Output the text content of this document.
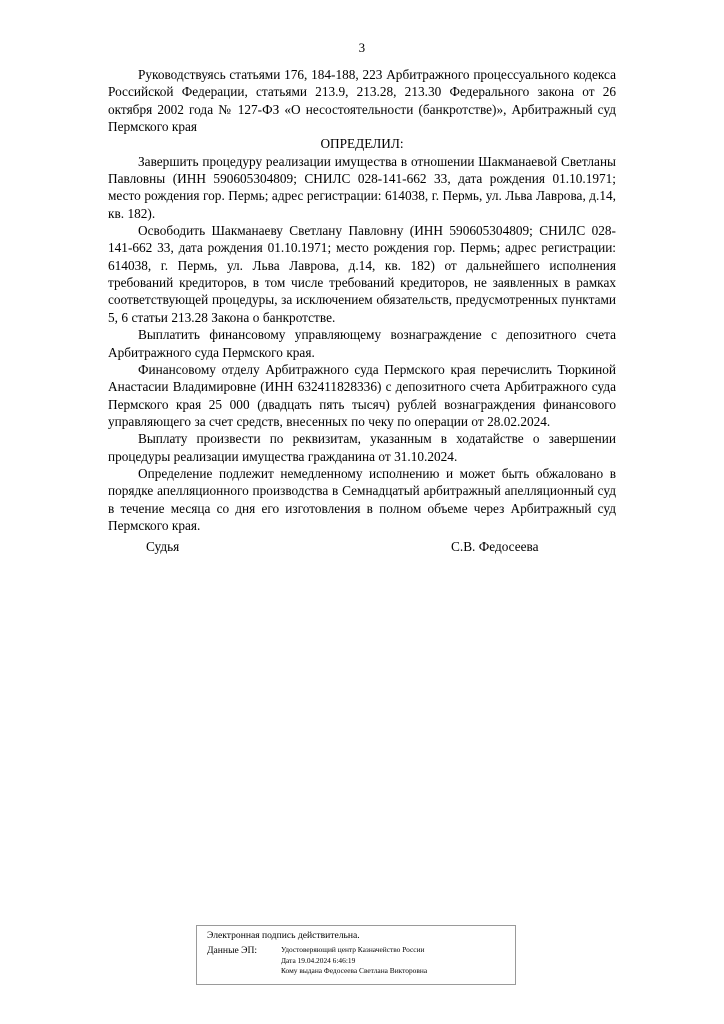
3

Руководствуясь статьями 176, 184-188, 223 Арбитражного процессуального кодекса Российской Федерации, статьями 213.9, 213.28, 213.30 Федерального закона от 26 октября 2002 года № 127-ФЗ «О несостоятельности (банкротстве)», Арбитражный суд Пермского края

ОПРЕДЕЛИЛ:

Завершить процедуру реализации имущества в отношении Шакманаевой Светланы Павловны (ИНН 590605304809; СНИЛС 028-141-662 33, дата рождения 01.10.1971; место рождения гор. Пермь; адрес регистрации: 614038, г. Пермь, ул. Льва Лаврова, д.14, кв. 182).

Освободить Шакманаеву Светлану Павловну (ИНН 590605304809; СНИЛС 028-141-662 33, дата рождения 01.10.1971; место рождения гор. Пермь; адрес регистрации: 614038, г. Пермь, ул. Льва Лаврова, д.14, кв. 182) от дальнейшего исполнения требований кредиторов, в том числе требований кредиторов, не заявленных в рамках соответствующей процедуры, за исключением обязательств, предусмотренных пунктами 5, 6 статьи 213.28 Закона о банкротстве.

Выплатить финансовому управляющему вознаграждение с депозитного счета Арбитражного суда Пермского края.

Финансовому отделу Арбитражного суда Пермского края перечислить Тюркиной Анастасии Владимировне (ИНН 632411828336) с депозитного счета Арбитражного суда Пермского края 25 000 (двадцать пять тысяч) рублей вознаграждения финансового управляющего за счет средств, внесенных по чеку по операции от 28.02.2024.

Выплату произвести по реквизитам, указанным в ходатайстве о завершении процедуры реализации имущества гражданина от 31.10.2024.

Определение подлежит немедленному исполнению и может быть обжаловано в порядке апелляционного производства в Семнадцатый арбитражный апелляционный суд в течение месяца со дня его изготовления в полном объеме через Арбитражный суд Пермского края.

Судья	С.В. Федосеева
Электронная подпись действительна.
Данные ЭП:	Удостоверяющий центр Казначейство России
Дата 19.04.2024 6:46:19
Кому выдана Федосеева Светлана Викторовна
